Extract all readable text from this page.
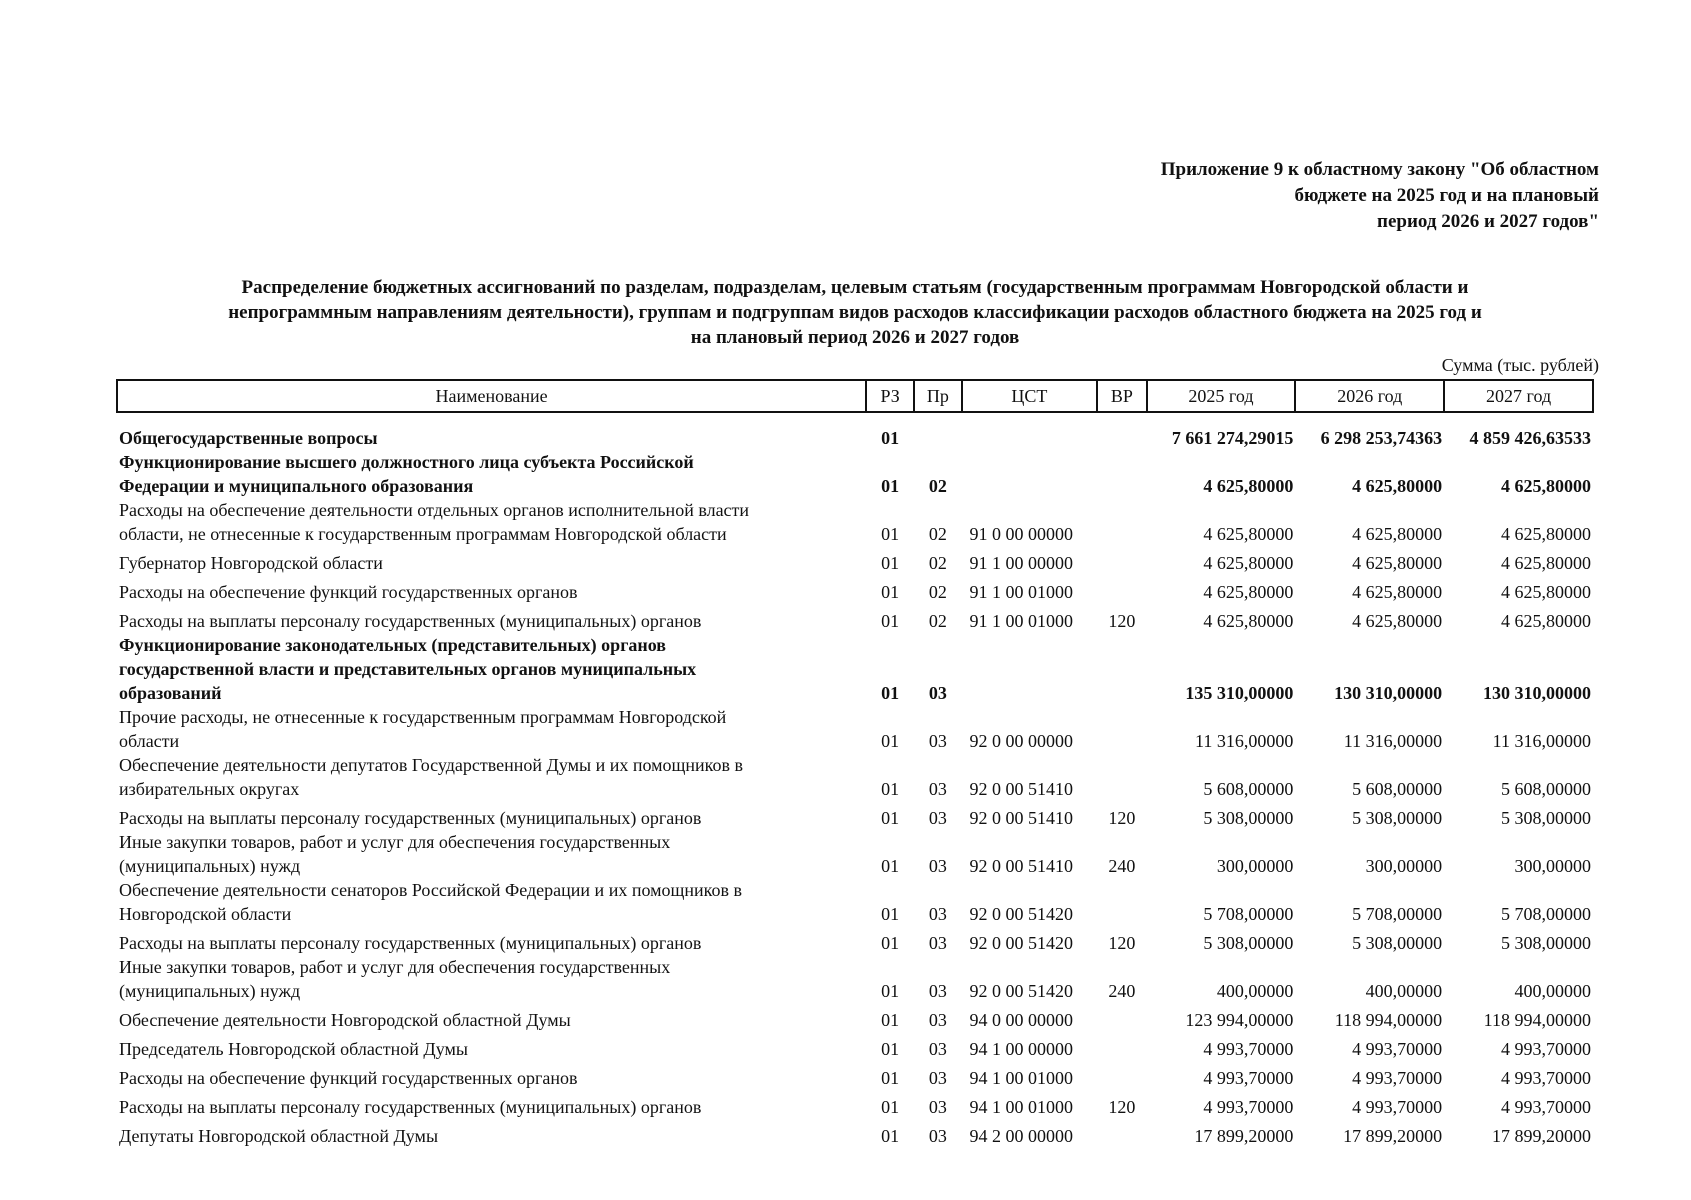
Приложение 9 к областному закону "Об областном
бюджете на 2025 год и на плановый
период 2026 и 2027 годов"
Распределение бюджетных ассигнований по разделам, подразделам, целевым статьям (государственным программам Новгородской области и
непрограммным направлениям деятельности), группам и подгруппам видов расходов классификации расходов областного бюджета на 2025 год и
на плановый период 2026 и 2027 годов
Сумма (тыс. рублей)
Наименование	РЗ	Пр	ЦСТ	ВР	2025 год	2026 год	2027 год

Общегосударственные вопросы	01				7 661 274,29015	6 298 253,74363	4 859 426,63533

Функционирование высшего должностного лица субъекта Российской
Федерации и муниципального образования	01	02			4 625,80000	4 625,80000	4 625,80000

Расходы на обеспечение деятельности отдельных органов исполнительной власти
области, не отнесенные к государственным программам Новгородской области	01	02	91 0 00 00000		4 625,80000	4 625,80000	4 625,80000

Губернатор Новгородской области	01	02	91 1 00 00000		4 625,80000	4 625,80000	4 625,80000

Расходы на обеспечение функций государственных органов	01	02	91 1 00 01000		4 625,80000	4 625,80000	4 625,80000

Расходы на выплаты персоналу государственных (муниципальных) органов	01	02	91 1 00 01000	120	4 625,80000	4 625,80000	4 625,80000

Функционирование законодательных (представительных) органов
государственной власти и представительных органов муниципальных
образований	01	03			135 310,00000	130 310,00000	130 310,00000

Прочие расходы, не отнесенные к государственным программам Новгородской
области	01	03	92 0 00 00000		11 316,00000	11 316,00000	11 316,00000

Обеспечение деятельности депутатов Государственной Думы и их помощников в
избирательных округах	01	03	92 0 00 51410		5 608,00000	5 608,00000	5 608,00000

Расходы на выплаты персоналу государственных (муниципальных) органов	01	03	92 0 00 51410	120	5 308,00000	5 308,00000	5 308,00000

Иные закупки товаров, работ и услуг для обеспечения государственных
(муниципальных) нужд	01	03	92 0 00 51410	240	300,00000	300,00000	300,00000

Обеспечение деятельности сенаторов Российской Федерации и их помощников в
Новгородской области	01	03	92 0 00 51420		5 708,00000	5 708,00000	5 708,00000

Расходы на выплаты персоналу государственных (муниципальных) органов	01	03	92 0 00 51420	120	5 308,00000	5 308,00000	5 308,00000

Иные закупки товаров, работ и услуг для обеспечения государственных
(муниципальных) нужд	01	03	92 0 00 51420	240	400,00000	400,00000	400,00000

Обеспечение деятельности Новгородской областной Думы	01	03	94 0 00 00000		123 994,00000	118 994,00000	118 994,00000

Председатель Новгородской областной Думы	01	03	94 1 00 00000		4 993,70000	4 993,70000	4 993,70000

Расходы на обеспечение функций государственных органов	01	03	94 1 00 01000		4 993,70000	4 993,70000	4 993,70000

Расходы на выплаты персоналу государственных (муниципальных) органов	01	03	94 1 00 01000	120	4 993,70000	4 993,70000	4 993,70000

Депутаты Новгородской областной Думы	01	03	94 2 00 00000		17 899,20000	17 899,20000	17 899,20000
